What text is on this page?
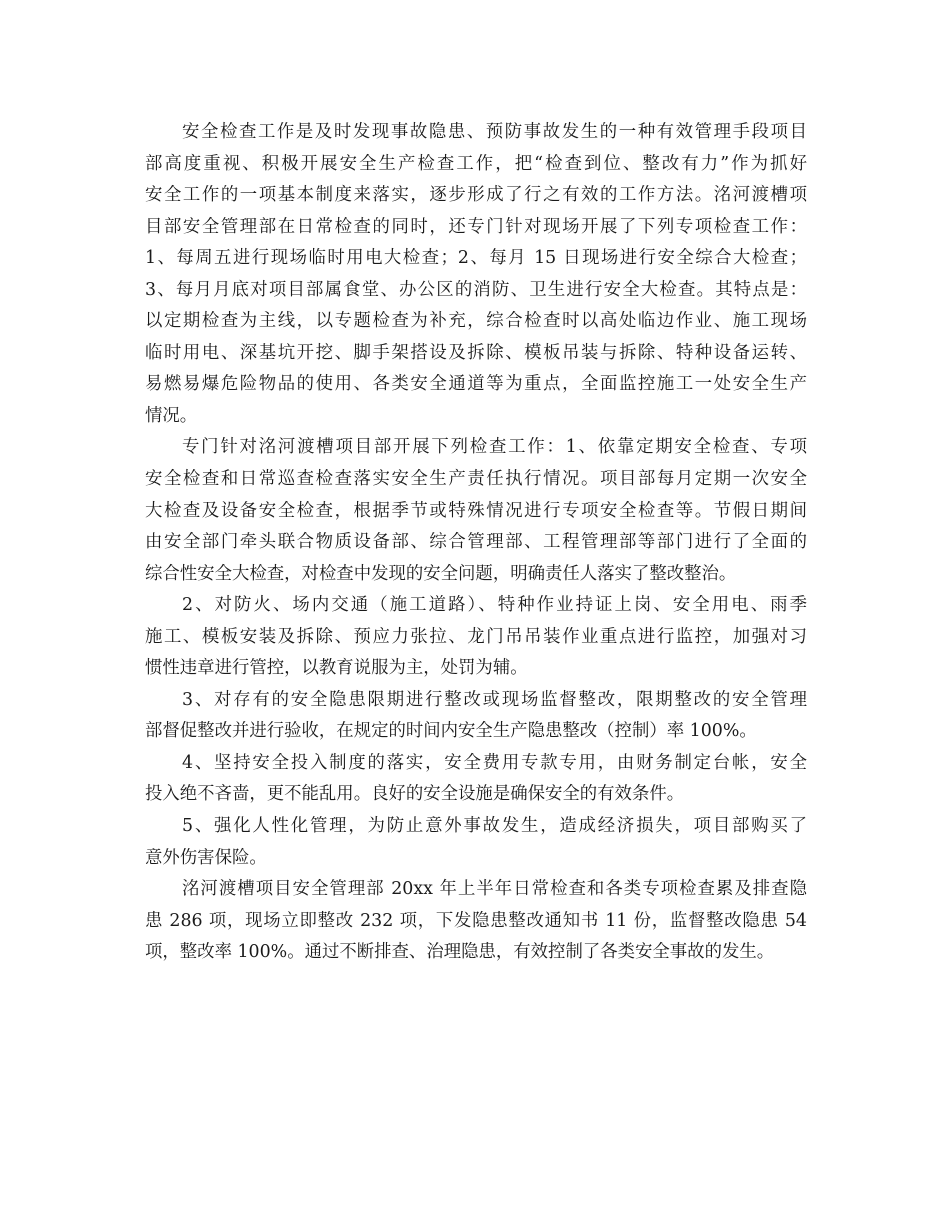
安全检查工作是及时发现事故隐患、预防事故发生的一种有效管理手段项目
部高度重视、积极开展安全生产检查工作，把“检查到位、整改有力”作为抓好
安全工作的一项基本制度来落实，逐步形成了行之有效的工作方法。洺河渡槽项
目部安全管理部在日常检查的同时，还专门针对现场开展了下列专项检查工作：
1、每周五进行现场临时用电大检查；2、每月 15 日现场进行安全综合大检查；
3、每月月底对项目部属食堂、办公区的消防、卫生进行安全大检查。其特点是：
以定期检查为主线，以专题检查为补充，综合检查时以高处临边作业、施工现场
临时用电、深基坑开挖、脚手架搭设及拆除、模板吊装与拆除、特种设备运转、
易燃易爆危险物品的使用、各类安全通道等为重点，全面监控施工一处安全生产
情况。
专门针对洺河渡槽项目部开展下列检查工作：1、依靠定期安全检查、专项
安全检查和日常巡查检查落实安全生产责任执行情况。项目部每月定期一次安全
大检查及设备安全检查，根据季节或特殊情况进行专项安全检查等。节假日期间
由安全部门牵头联合物质设备部、综合管理部、工程管理部等部门进行了全面的
综合性安全大检查，对检查中发现的安全问题，明确责任人落实了整改整治。
2、对防火、场内交通（施工道路）、特种作业持证上岗、安全用电、雨季
施工、模板安装及拆除、预应力张拉、龙门吊吊装作业重点进行监控，加强对习
惯性违章进行管控，以教育说服为主，处罚为辅。
3、对存有的安全隐患限期进行整改或现场监督整改，限期整改的安全管理
部督促整改并进行验收，在规定的时间内安全生产隐患整改（控制）率 100%。
4、坚持安全投入制度的落实，安全费用专款专用，由财务制定台帐，安全
投入绝不吝啬，更不能乱用。良好的安全设施是确保安全的有效条件。
5、强化人性化管理，为防止意外事故发生，造成经济损失，项目部购买了
意外伤害保险。
洺河渡槽项目安全管理部 20xx 年上半年日常检查和各类专项检查累及排查隐
患 286 项，现场立即整改 232 项，下发隐患整改通知书 11 份，监督整改隐患 54
项，整改率 100%。通过不断排查、治理隐患，有效控制了各类安全事故的发生。
